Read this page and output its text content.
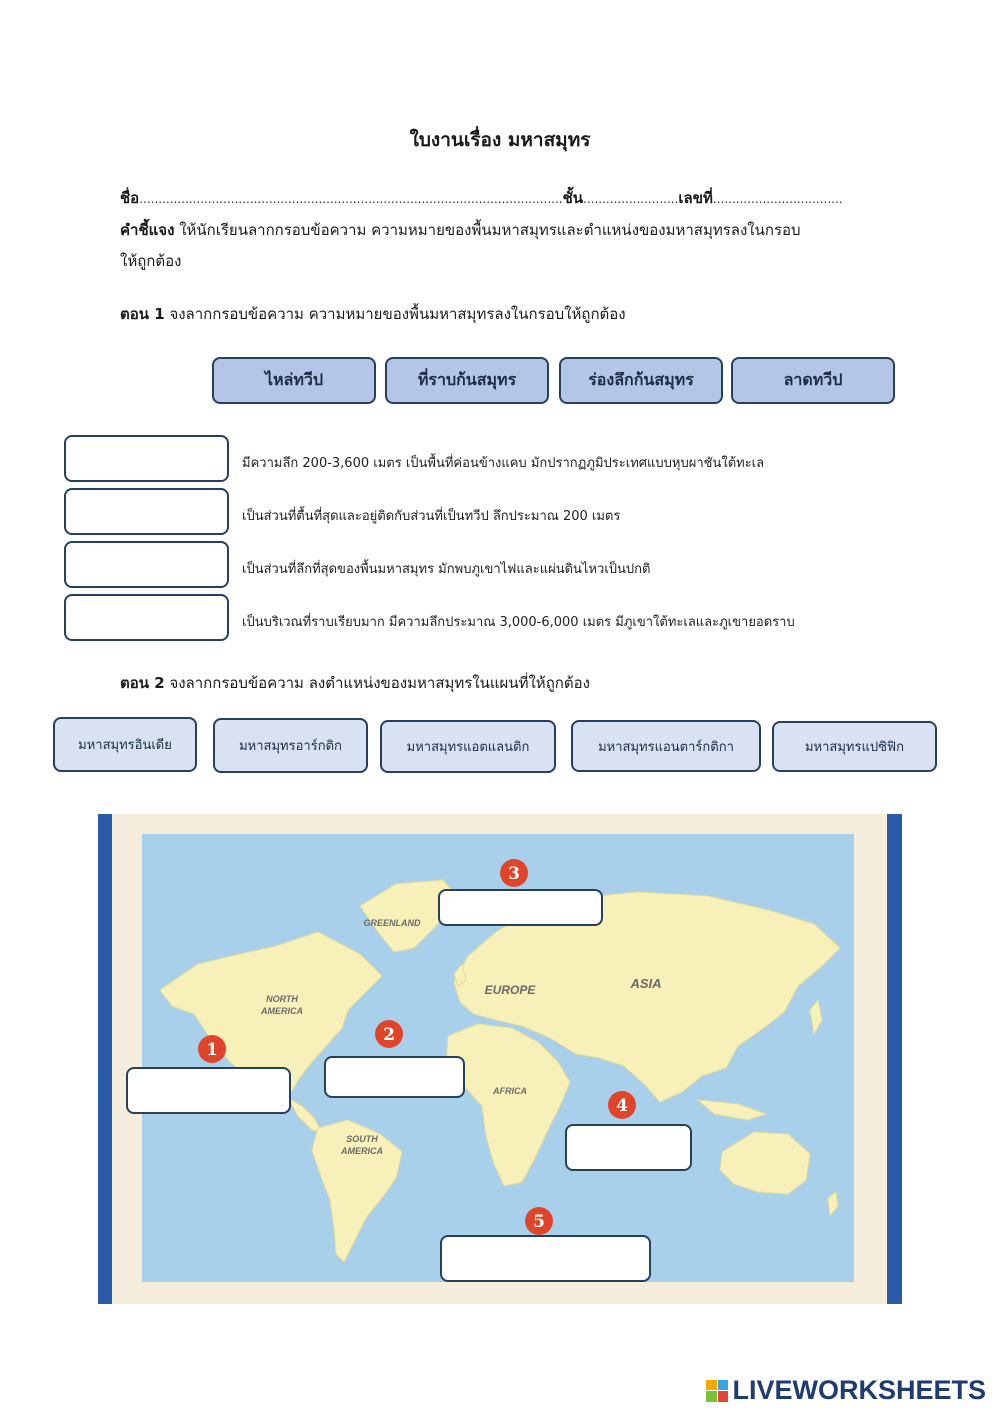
ใบงานเรื่อง มหาสมุทร
ชื่อ...............................................................................................................ชั้น.........................เลขที่..................................
คำชี้แจง ให้นักเรียนลากกรอบข้อความ ความหมายของพื้นมหาสมุทรและตำแหน่งของมหาสมุทรลงในกรอบ
ให้ถูกต้อง
ตอน 1 จงลากกรอบข้อความ ความหมายของพื้นมหาสมุทรลงในกรอบให้ถูกต้อง
ไหล่ทวีป	ที่ราบก้นสมุทร	ร่องลึกก้นสมุทร	ลาดทวีป
มีความลึก 200-3,600 เมตร เป็นพื้นที่ค่อนข้างแคบ มักปรากฏภูมิประเทศแบบหุบผาชันใต้ทะเล
เป็นส่วนที่ตื้นที่สุดและอยู่ติดกับส่วนที่เป็นทวีป ลึกประมาณ 200 เมตร
เป็นส่วนที่ลึกที่สุดของพื้นมหาสมุทร มักพบภูเขาไฟและแผ่นดินไหวเป็นปกติ
เป็นบริเวณที่ราบเรียบมาก มีความลึกประมาณ 3,000-6,000 เมตร มีภูเขาใต้ทะเลและภูเขายอดราบ
ตอน 2 จงลากกรอบข้อความ ลงตำแหน่งของมหาสมุทรในแผนที่ให้ถูกต้อง
มหาสมุทรอินเดีย	มหาสมุทรอาร์กติก	มหาสมุทรแอตแลนติก	มหาสมุทรแอนตาร์กติกา	มหาสมุทรแปซิฟิก
GREENLAND
NORTH
AMERICA
EUROPE	ASIA
AFRICA
SOUTH
AMERICA
1
2
3
4
5
LIVEWORKSHEETS
